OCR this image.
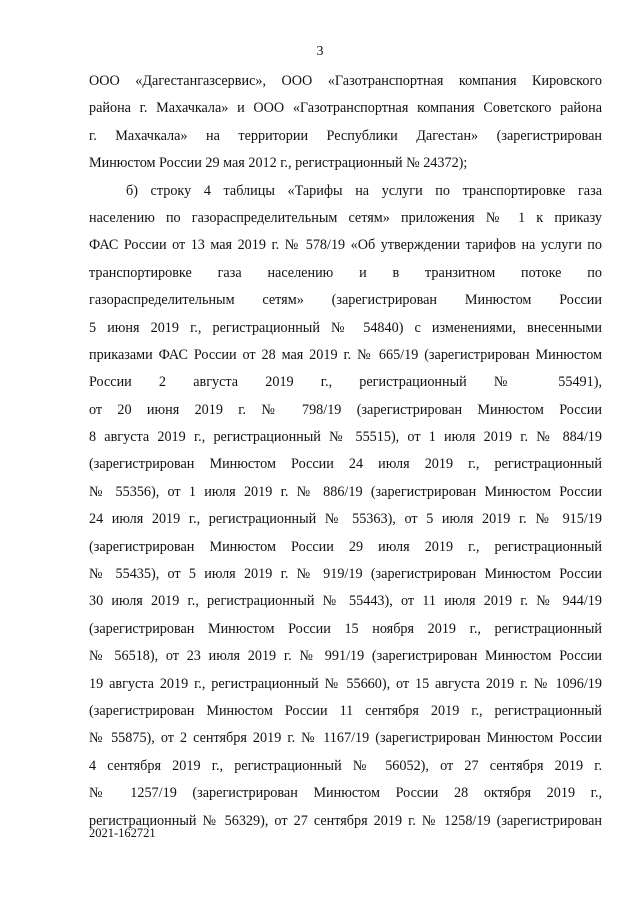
3
ООО «Дагестангазсервис», ООО «Газотранспортная компания Кировского
района г. Махачкала» и ООО «Газотранспортная компания Советского района
г. Махачкала» на территории Республики Дагестан» (зарегистрирован
Минюстом России 29 мая 2012 г., регистрационный № 24372);
б) строку 4 таблицы «Тарифы на услуги по транспортировке газа
населению по газораспределительным сетям» приложения № 1 к приказу
ФАС России от 13 мая 2019 г. № 578/19 «Об утверждении тарифов на услуги по
транспортировке газа населению и в транзитном потоке по
газораспределительным сетям» (зарегистрирован Минюстом России
5 июня 2019 г., регистрационный № 54840) с изменениями, внесенными
приказами ФАС России от 28 мая 2019 г. № 665/19 (зарегистрирован Минюстом
России 2 августа 2019 г., регистрационный № 55491),
от 20 июня 2019 г. № 798/19 (зарегистрирован Минюстом России
8 августа 2019 г., регистрационный № 55515), от 1 июля 2019 г. № 884/19
(зарегистрирован Минюстом России 24 июля 2019 г., регистрационный
№ 55356), от 1 июля 2019 г. № 886/19 (зарегистрирован Минюстом России
24 июля 2019 г., регистрационный № 55363), от 5 июля 2019 г. № 915/19
(зарегистрирован Минюстом России 29 июля 2019 г., регистрационный
№ 55435), от 5 июля 2019 г. № 919/19 (зарегистрирован Минюстом России
30 июля 2019 г., регистрационный № 55443), от 11 июля 2019 г. № 944/19
(зарегистрирован Минюстом России 15 ноября 2019 г., регистрационный
№ 56518), от 23 июля 2019 г. № 991/19 (зарегистрирован Минюстом России
19 августа 2019 г., регистрационный № 55660), от 15 августа 2019 г. № 1096/19
(зарегистрирован Минюстом России 11 сентября 2019 г., регистрационный
№ 55875), от 2 сентября 2019 г. № 1167/19 (зарегистрирован Минюстом России
4 сентября 2019 г., регистрационный № 56052), от 27 сентября 2019 г.
№ 1257/19 (зарегистрирован Минюстом России 28 октября 2019 г.,
регистрационный № 56329), от 27 сентября 2019 г. № 1258/19 (зарегистрирован
2021-162721
